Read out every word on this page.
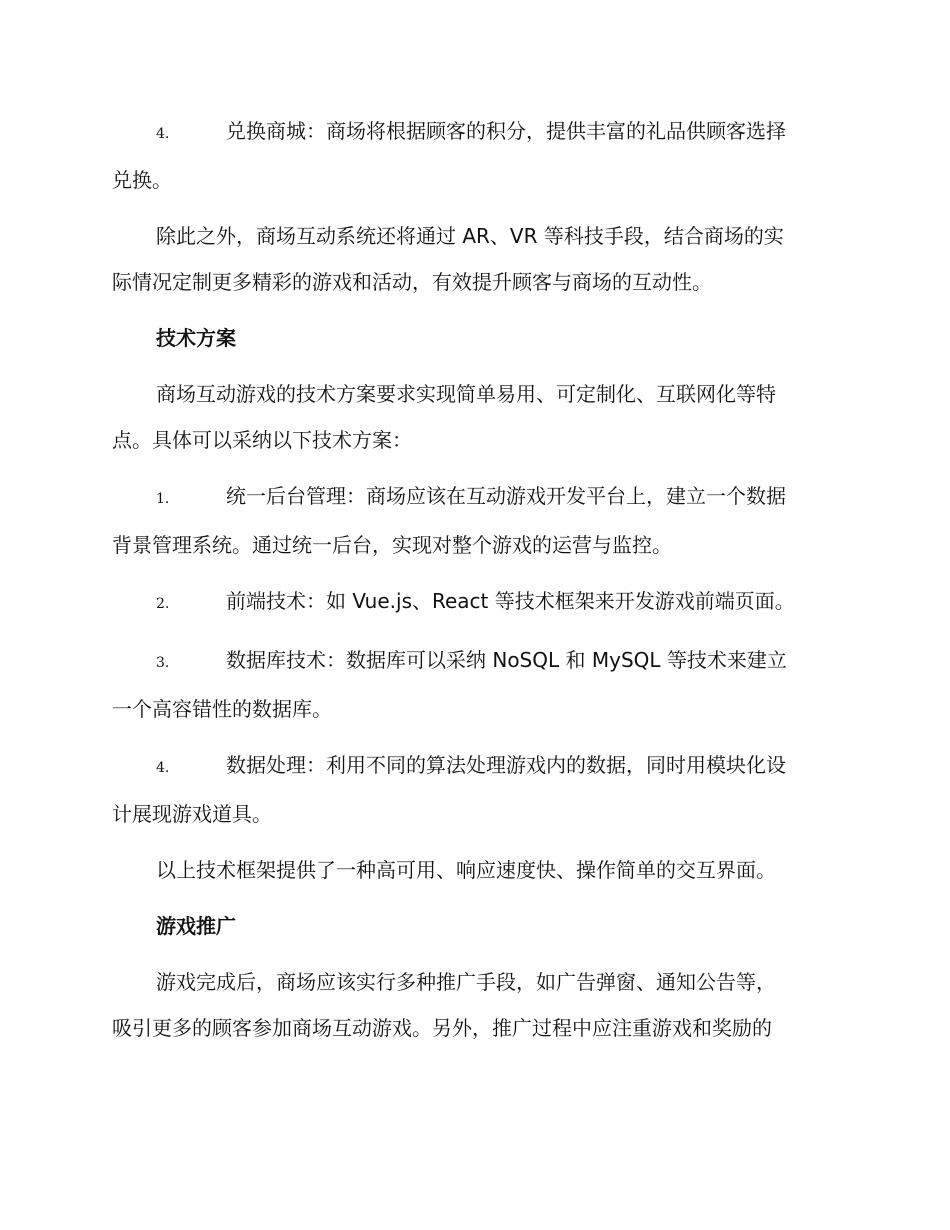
4.	兑换商城：商场将根据顾客的积分，提供丰富的礼品供顾客选择
兑换。
除此之外，商场互动系统还将通过 AR、VR 等科技手段，结合商场的实
际情况定制更多精彩的游戏和活动，有效提升顾客与商场的互动性。
技术方案
商场互动游戏的技术方案要求实现简单易用、可定制化、互联网化等特
点。具体可以采纳以下技术方案：
1.	统一后台管理：商场应该在互动游戏开发平台上，建立一个数据
背景管理系统。通过统一后台，实现对整个游戏的运营与监控。
2.	前端技术：如 Vue.js、React 等技术框架来开发游戏前端页面。
3.	数据库技术：数据库可以采纳 NoSQL 和 MySQL 等技术来建立
一个高容错性的数据库。
4.	数据处理：利用不同的算法处理游戏内的数据，同时用模块化设
计展现游戏道具。
以上技术框架提供了一种高可用、响应速度快、操作简单的交互界面。
游戏推广
游戏完成后，商场应该实行多种推广手段，如广告弹窗、通知公告等，
吸引更多的顾客参加商场互动游戏。另外，推广过程中应注重游戏和奖励的
